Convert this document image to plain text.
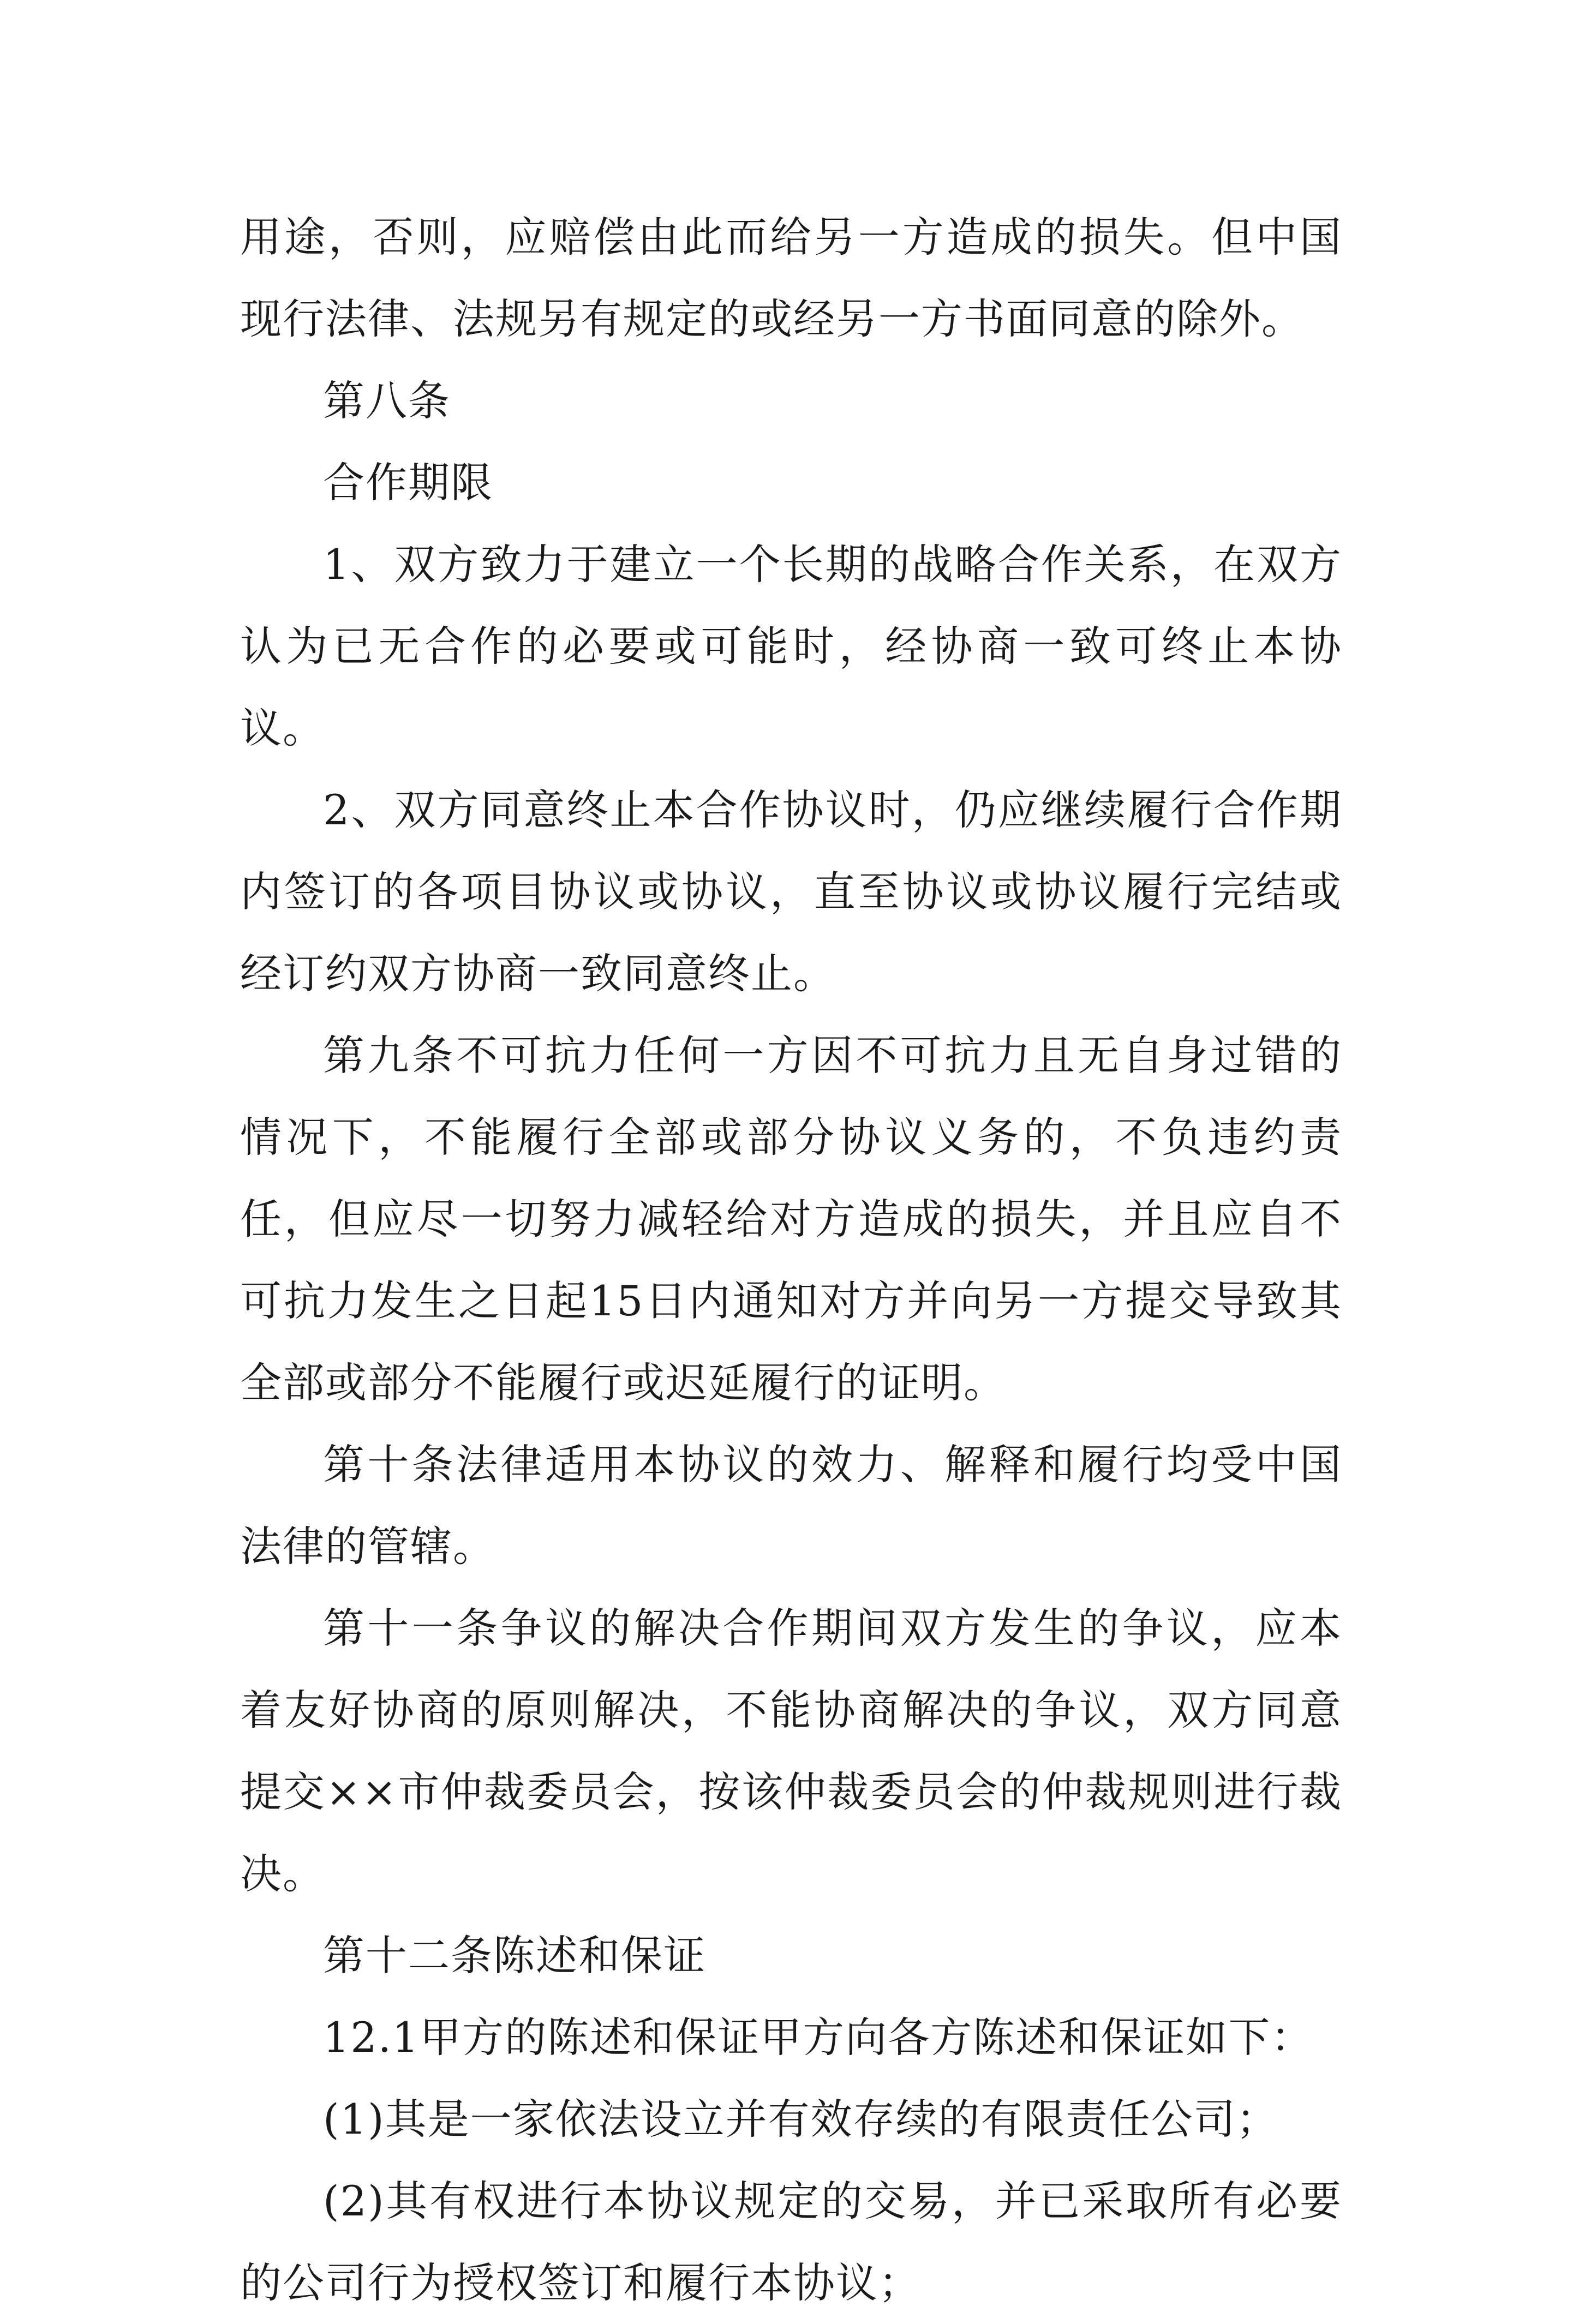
用途，否则，应赔偿由此而给另一方造成的损失。但中国现行法律、法规另有规定的或经另一方书面同意的除外。

第八条

合作期限

1、双方致力于建立一个长期的战略合作关系，在双方认为已无合作的必要或可能时，经协商一致可终止本协议。

2、双方同意终止本合作协议时，仍应继续履行合作期内签订的各项目协议或协议，直至协议或协议履行完结或经订约双方协商一致同意终止。

第九条不可抗力任何一方因不可抗力且无自身过错的情况下，不能履行全部或部分协议义务的，不负违约责任，但应尽一切努力减轻给对方造成的损失，并且应自不可抗力发生之日起15日内通知对方并向另一方提交导致其全部或部分不能履行或迟延履行的证明。

第十条法律适用本协议的效力、解释和履行均受中国法律的管辖。

第十一条争议的解决合作期间双方发生的争议，应本着友好协商的原则解决，不能协商解决的争议，双方同意提交××市仲裁委员会，按该仲裁委员会的仲裁规则进行裁决。

第十二条陈述和保证

12.1甲方的陈述和保证甲方向各方陈述和保证如下：

(1)其是一家依法设立并有效存续的有限责任公司；

(2)其有权进行本协议规定的交易，并已采取所有必要的公司行为授权签订和履行本协议；
